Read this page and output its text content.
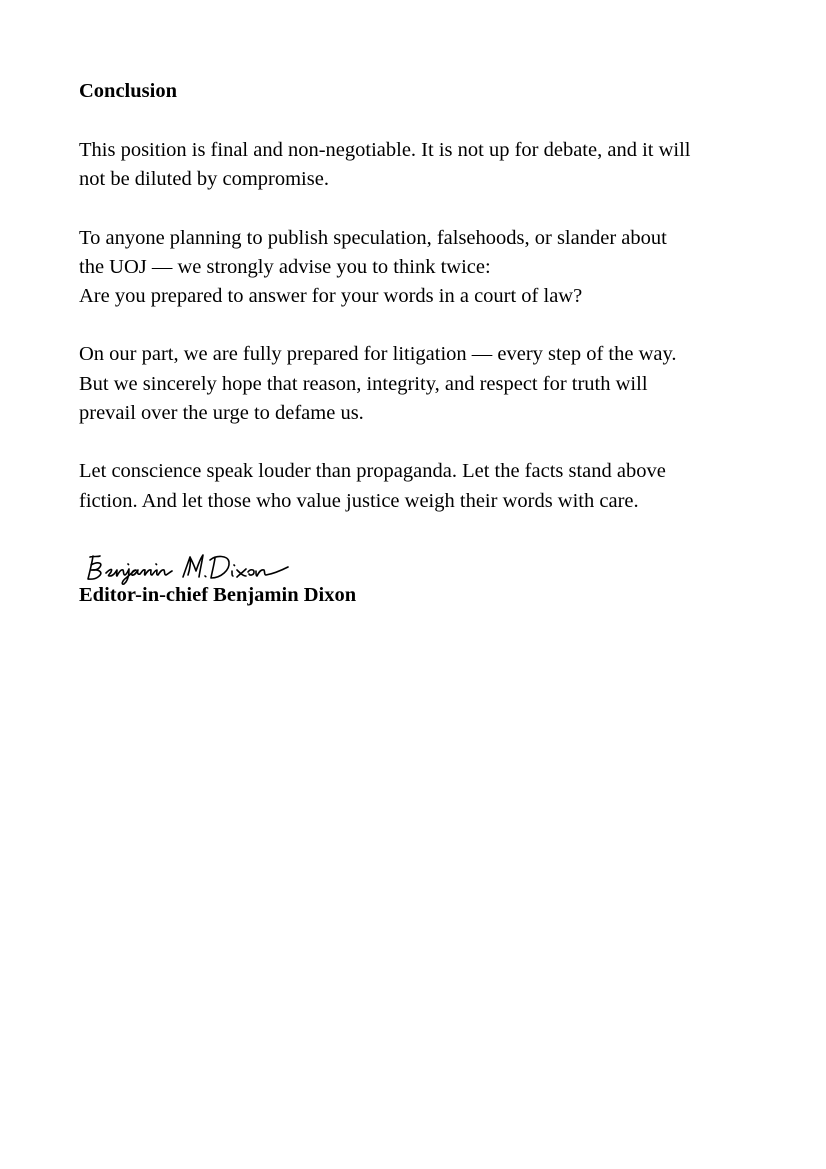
Conclusion

This position is final and non-negotiable. It is not up for debate, and it will
not be diluted by compromise.

To anyone planning to publish speculation, falsehoods, or slander about
the UOJ — we strongly advise you to think twice:
Are you prepared to answer for your words in a court of law?

On our part, we are fully prepared for litigation — every step of the way.
But we sincerely hope that reason, integrity, and respect for truth will
prevail over the urge to defame us.

Let conscience speak louder than propaganda. Let the facts stand above
fiction. And let those who value justice weigh their words with care.

Editor-in-chief Benjamin Dixon
